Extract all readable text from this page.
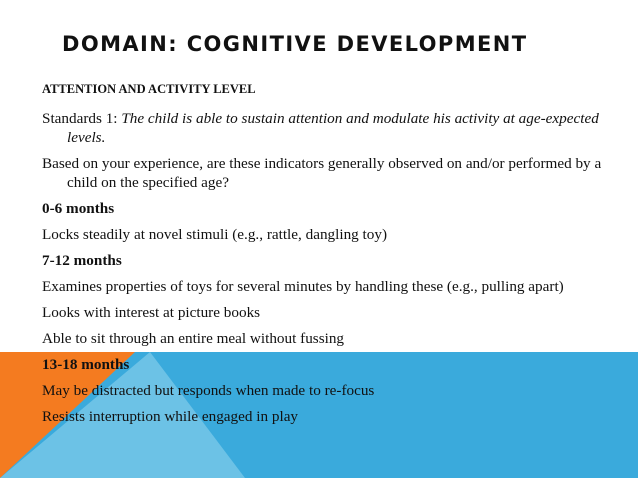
DOMAIN: COGNITIVE DEVELOPMENT

ATTENTION AND ACTIVITY LEVEL

Standards 1: The child is able to sustain attention and modulate his activity at age-expected levels.

Based on your experience, are these indicators generally observed on and/or performed by a child on the specified age?

0-6 months

Locks steadily at novel stimuli (e.g., rattle, dangling toy)

7-12 months

Examines properties of toys for several minutes by handling these (e.g., pulling apart)

Looks with interest at picture books

Able to sit through an entire meal without fussing

13-18 months

May be distracted but responds when made to re-focus

Resists interruption while engaged in play
